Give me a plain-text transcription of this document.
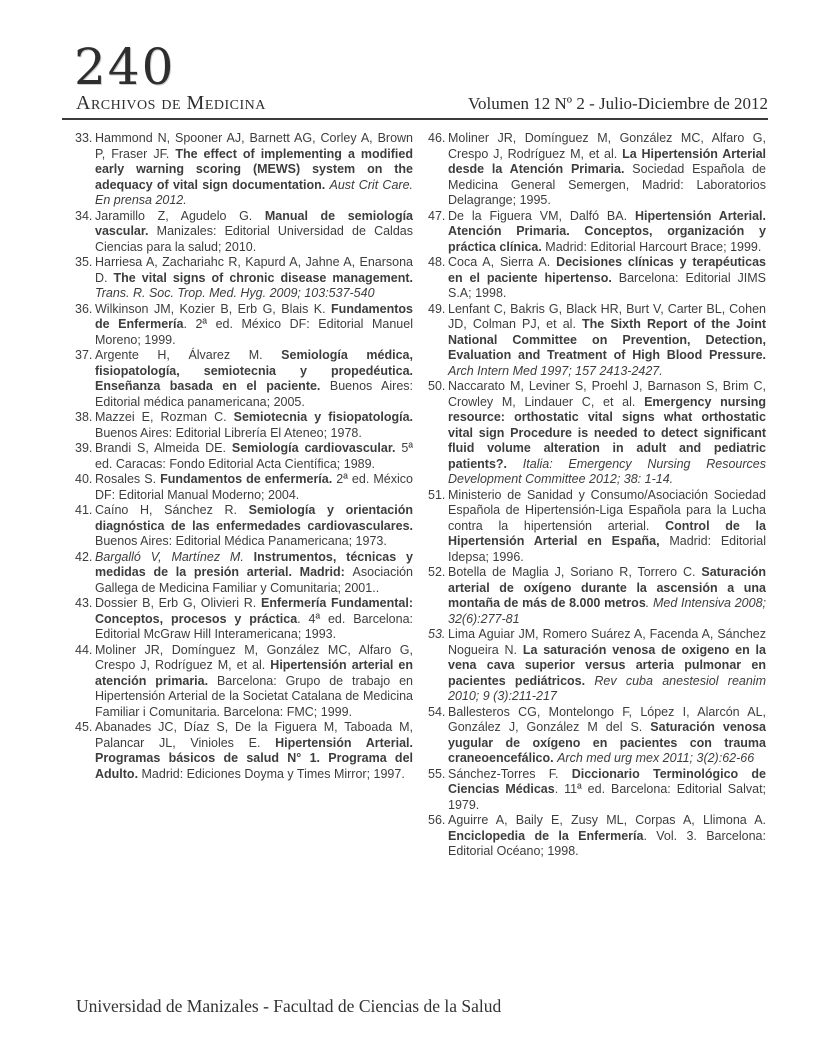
240
Archivos de Medicina	Volumen 12 Nº 2 - Julio-Diciembre de 2012
33. Hammond N, Spooner AJ, Barnett AG, Corley A, Brown P, Fraser JF. The effect of implementing a modified early warning scoring (MEWS) system on the adequacy of vital sign documentation. Aust Crit Care. En prensa 2012.
34. Jaramillo Z, Agudelo G. Manual de semiología vascular. Manizales: Editorial Universidad de Caldas Ciencias para la salud; 2010.
35. Harriesa A, Zachariahc R, Kapurd A, Jahne A, Enarsona D. The vital signs of chronic disease management. Trans. R. Soc. Trop. Med. Hyg. 2009; 103:537-540
36. Wilkinson JM, Kozier B, Erb G, Blais K. Fundamentos de Enfermería. 2ª ed. México DF: Editorial Manuel Moreno; 1999.
37. Argente H, Álvarez M. Semiología médica, fisiopatología, semiotecnia y propedéutica. Enseñanza basada en el paciente. Buenos Aires: Editorial médica panamericana; 2005.
38. Mazzei E, Rozman C. Semiotecnia y fisiopatología. Buenos Aires: Editorial Librería El Ateneo; 1978.
39. Brandi S, Almeida DE. Semiología cardiovascular. 5ª ed. Caracas: Fondo Editorial Acta Científica; 1989.
40. Rosales S. Fundamentos de enfermería. 2ª ed. México DF: Editorial Manual Moderno; 2004.
41. Caíno H, Sánchez R. Semiología y orientación diagnóstica de las enfermedades cardiovasculares. Buenos Aires: Editorial Médica Panamericana; 1973.
42. Bargalló V, Martínez M. Instrumentos, técnicas y medidas de la presión arterial. Madrid: Asociación Gallega de Medicina Familiar y Comunitaria; 2001..
43. Dossier B, Erb G, Olivieri R. Enfermería Fundamental: Conceptos, procesos y práctica. 4ª ed. Barcelona: Editorial McGraw Hill Interamericana; 1993.
44. Moliner JR, Domínguez M, González MC, Alfaro G, Crespo J, Rodríguez M, et al. Hipertensión arterial en atención primaria. Barcelona: Grupo de trabajo en Hipertensión Arterial de la Societat Catalana de Medicina Familiar i Comunitaria. Barcelona: FMC; 1999.
45. Abanades JC, Díaz S, De la Figuera M, Taboada M, Palancar JL, Vinioles E. Hipertensión Arterial. Programas básicos de salud N° 1. Programa del Adulto. Madrid: Ediciones Doyma y Times Mirror; 1997.
46. Moliner JR, Domínguez M, González MC, Alfaro G, Crespo J, Rodríguez M, et al. La Hipertensión Arterial desde la Atención Primaria. Sociedad Española de Medicina General Semergen, Madrid: Laboratorios Delagrange; 1995.
47. De la Figuera VM, Dalfó BA. Hipertensión Arterial. Atención Primaria. Conceptos, organización y práctica clínica. Madrid: Editorial Harcourt Brace; 1999.
48. Coca A, Sierra A. Decisiones clínicas y terapéuticas en el paciente hipertenso. Barcelona: Editorial JIMS S.A; 1998.
49. Lenfant C, Bakris G, Black HR, Burt V, Carter BL, Cohen JD, Colman PJ, et al. The Sixth Report of the Joint National Committee on Prevention, Detection, Evaluation and Treatment of High Blood Pressure. Arch Intern Med 1997; 157 2413-2427.
50. Naccarato M, Leviner S, Proehl J, Barnason S, Brim C, Crowley M, Lindauer C, et al. Emergency nursing resource: orthostatic vital signs what orthostatic vital sign Procedure is needed to detect significant fluid volume alteration in adult and pediatric patients?. Italia: Emergency Nursing Resources Development Committee 2012; 38: 1-14.
51. Ministerio de Sanidad y Consumo/Asociación Sociedad Española de Hipertensión-Liga Española para la Lucha contra la hipertensión arterial. Control de la Hipertensión Arterial en España, Madrid: Editorial Idepsa; 1996.
52. Botella de Maglia J, Soriano R, Torrero C. Saturación arterial de oxígeno durante la ascensión a una montaña de más de 8.000 metros. Med Intensiva 2008; 32(6):277-81
53. Lima Aguiar JM, Romero Suárez A, Facenda A, Sánchez Nogueira N. La saturación venosa de oxigeno en la vena cava superior versus arteria pulmonar en pacientes pediátricos. Rev cuba anestesiol reanim 2010; 9 (3):211-217
54. Ballesteros CG, Montelongo F, López I, Alarcón AL, González J, González M del S. Saturación venosa yugular de oxígeno en pacientes con trauma craneoencefálico. Arch med urg mex 2011; 3(2):62-66
55. Sánchez-Torres F. Diccionario Terminológico de Ciencias Médicas. 11ª ed. Barcelona: Editorial Salvat; 1979.
56. Aguirre A, Baily E, Zusy ML, Corpas A, Llimona A. Enciclopedia de la Enfermería. Vol. 3. Barcelona: Editorial Océano; 1998.
Universidad de Manizales - Facultad de Ciencias de la Salud
